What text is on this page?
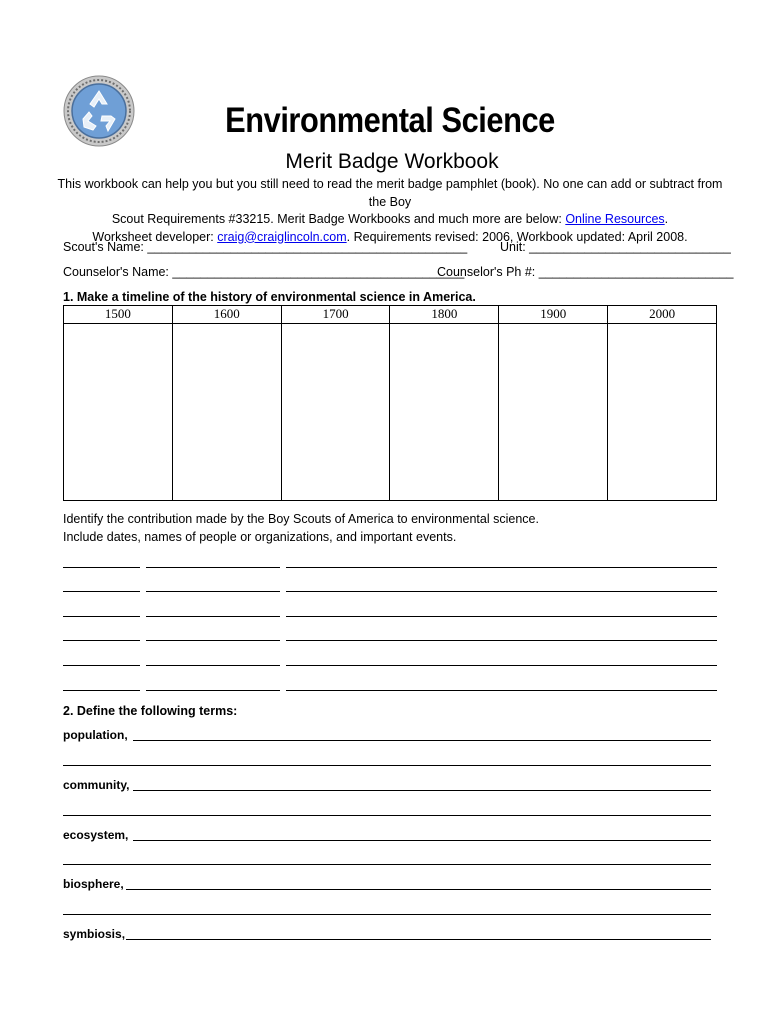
Environmental Science
Merit Badge Workbook
This workbook can help you but you still need to read the merit badge pamphlet (book). No one can add or subtract from the Boy
Scout Requirements #33215. Merit Badge Workbooks and much more are below: Online Resources.
Worksheet developer: craig@craiglincoln.com. Requirements revised: 2006, Workbook updated: April 2008.
Scout's Name: ______________________________________________	Unit: _____________________________
Counselor's Name: __________________________________________
Counselor's Ph #: ____________________________
1. Make a timeline of the history of environmental science in America.
1500	1600	1700	1800	1900	2000

Identify the contribution made by the Boy Scouts of America to environmental science.
Include dates, names of people or organizations, and important events.
2. Define the following terms:
population,
community,
ecosystem,
biosphere,
symbiosis,
